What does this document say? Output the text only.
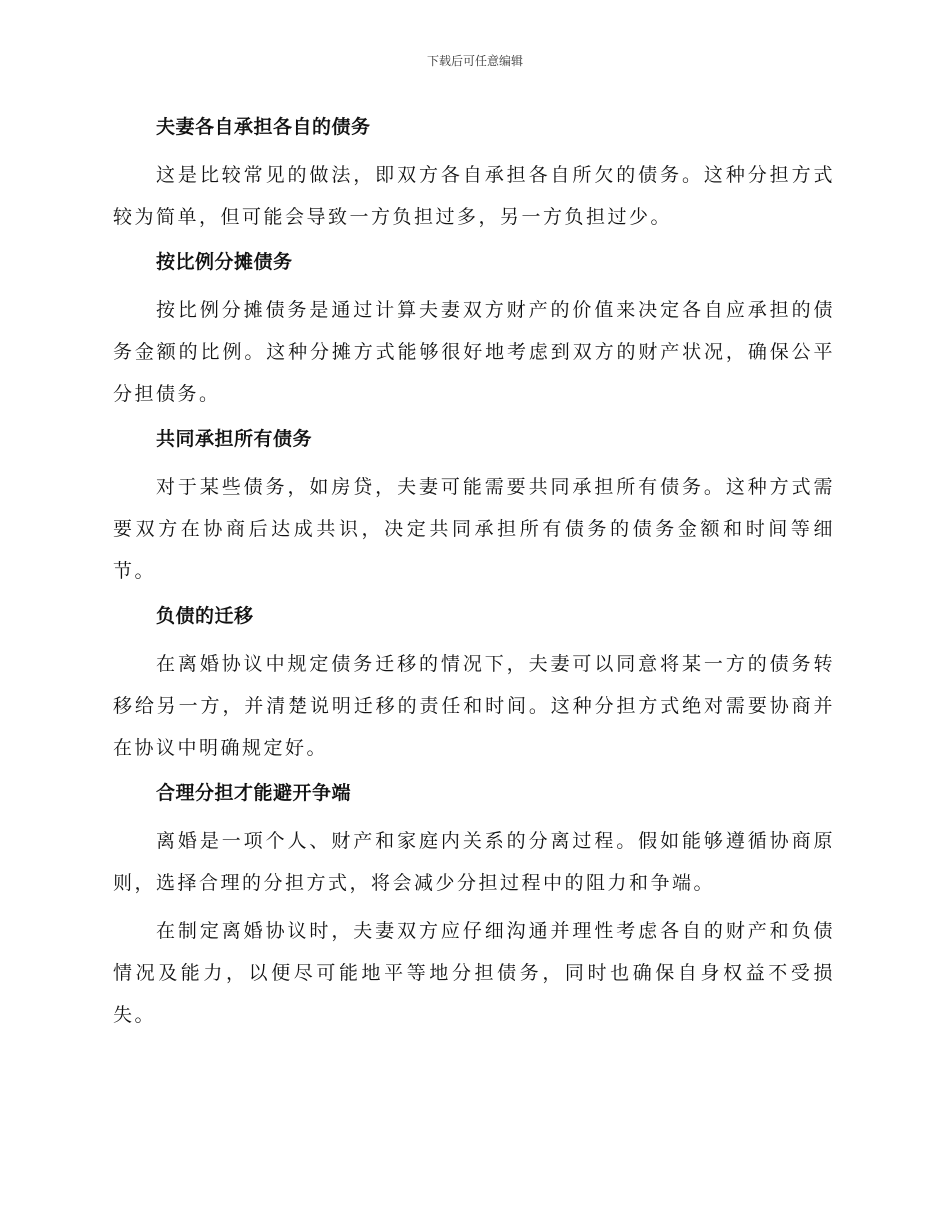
下载后可任意编辑
夫妻各自承担各自的债务
这是比较常见的做法，即双方各自承担各自所欠的债务。这种分担方式较为简单，但可能会导致一方负担过多，另一方负担过少。
按比例分摊债务
按比例分摊债务是通过计算夫妻双方财产的价值来决定各自应承担的债务金额的比例。这种分摊方式能够很好地考虑到双方的财产状况，确保公平分担债务。
共同承担所有债务
对于某些债务，如房贷，夫妻可能需要共同承担所有债务。这种方式需要双方在协商后达成共识，决定共同承担所有债务的债务金额和时间等细节。
负债的迁移
在离婚协议中规定债务迁移的情况下，夫妻可以同意将某一方的债务转移给另一方，并清楚说明迁移的责任和时间。这种分担方式绝对需要协商并在协议中明确规定好。
合理分担才能避开争端
离婚是一项个人、财产和家庭内关系的分离过程。假如能够遵循协商原则，选择合理的分担方式，将会减少分担过程中的阻力和争端。
在制定离婚协议时，夫妻双方应仔细沟通并理性考虑各自的财产和负债情况及能力，以便尽可能地平等地分担债务，同时也确保自身权益不受损失。
